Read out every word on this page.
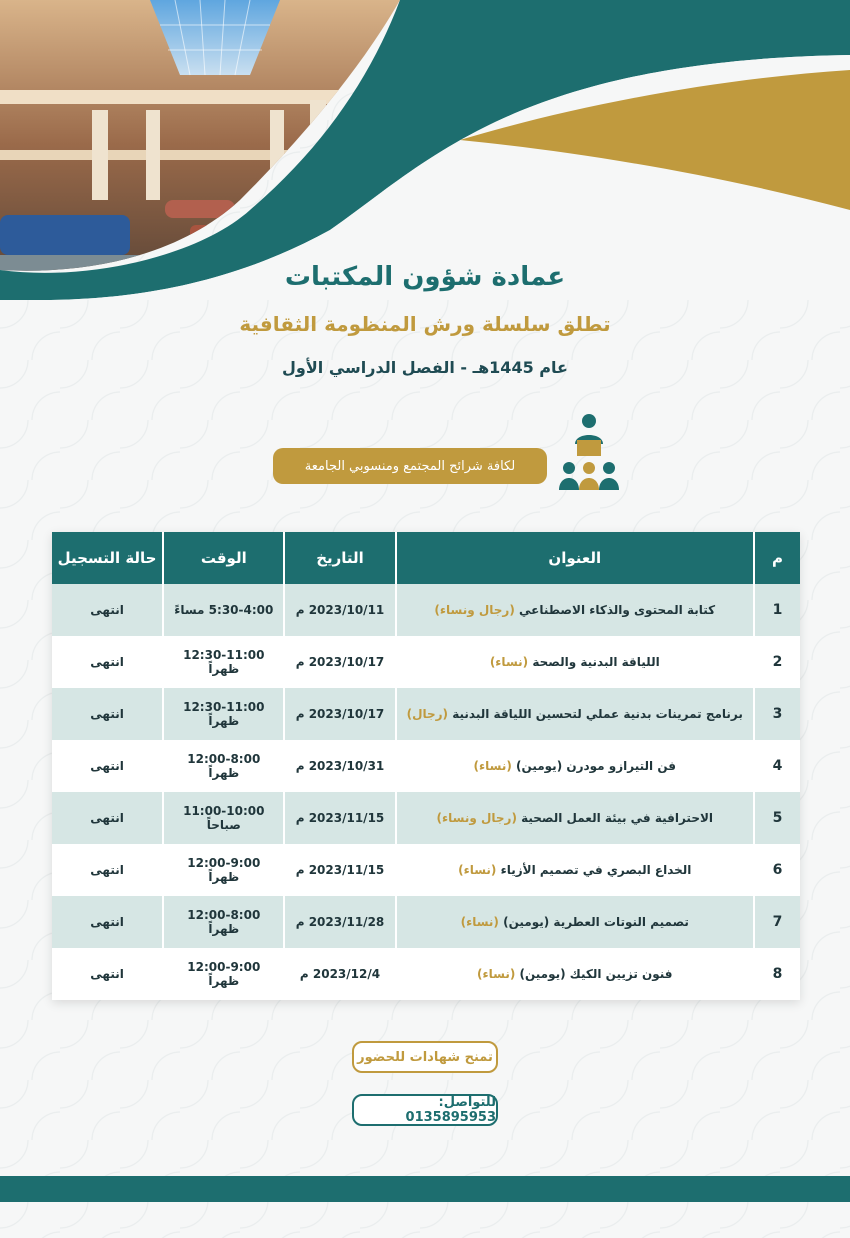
عمادة شؤون المكتبات
تطلق سلسلة ورش المنظومة الثقافية
عام 1445هـ - الفصل الدراسي الأول
لكافة شرائح المجتمع ومنسوبي الجامعة
م	العنوان	التاريخ	الوقت	حالة التسجيل
1	كتابة المحتوى والذكاء الاصطناعي (رجال ونساء)	2023/10/11 م	5:30-4:00 مساءً	انتهى
2	اللياقة البدنية والصحة (نساء)	2023/10/17 م	12:30-11:00 ظهراً	انتهى
3	برنامج تمرينات بدنية عملي لتحسين اللياقة البدنية (رجال)	2023/10/17 م	12:30-11:00 ظهراً	انتهى
4	فن التيرازو مودرن (يومين) (نساء)	2023/10/31 م	12:00-8:00 ظهراً	انتهى
5	الاحترافية في بيئة العمل الصحية (رجال ونساء)	2023/11/15 م	11:00-10:00 صباحاً	انتهى
6	الخداع البصري في تصميم الأزياء (نساء)	2023/11/15 م	12:00-9:00 ظهراً	انتهى
7	تصميم النوتات العطرية (يومين) (نساء)	2023/11/28 م	12:00-8:00 ظهراً	انتهى
8	فنون تزيين الكيك (يومين) (نساء)	2023/12/4 م	12:00-9:00 ظهراً	انتهى
تمنح شهادات للحضور
للتواصل: 0135895953
